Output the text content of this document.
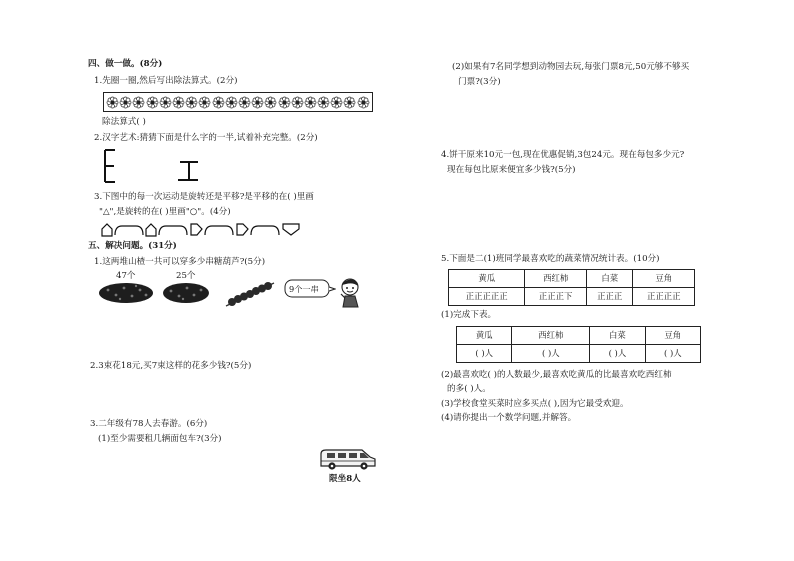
四、做一做。(8分)
1.先圈一圈,然后写出除法算式。(2分)
除法算式( )
2.汉字艺术:猜猜下面是什么字的一半,试着补充完整。(2分)
3.下图中的每一次运动是旋转还是平移?是平移的在( )里画
"△",是旋转的在( )里画"○"。(4分)
五、解决问题。(31分)
1.这两堆山楂一共可以穿多少串糖葫芦?(5分)
47个	25个
9个一串
2.3束花18元,买7束这样的花多少钱?(5分)
3.二年级有78人去春游。(6分)
(1)至少需要租几辆面包车?(3分)
限坐8人
(2)如果有7名同学想到动物园去玩,每张门票8元,50元够不够买
门票?(3分)
4.饼干原来10元一包,现在优惠促销,3包24元。现在每包多少元?
现在每包比原来便宜多少钱?(5分)
5.下面是二(1)班同学最喜欢吃的蔬菜情况统计表。(10分)
黄瓜	西红柿	白菜	豆角
正正正正正	正正正下	正正正	正正正正
(1)完成下表。
黄瓜	西红柿	白菜	豆角
( )人	( )人	( )人	( )人
(2)最喜欢吃( )的人数最少,最喜欢吃黄瓜的比最喜欢吃西红柿
的多( )人。
(3)学校食堂买菜时应多买点( ),因为它最受欢迎。
(4)请你提出一个数学问题,并解答。
